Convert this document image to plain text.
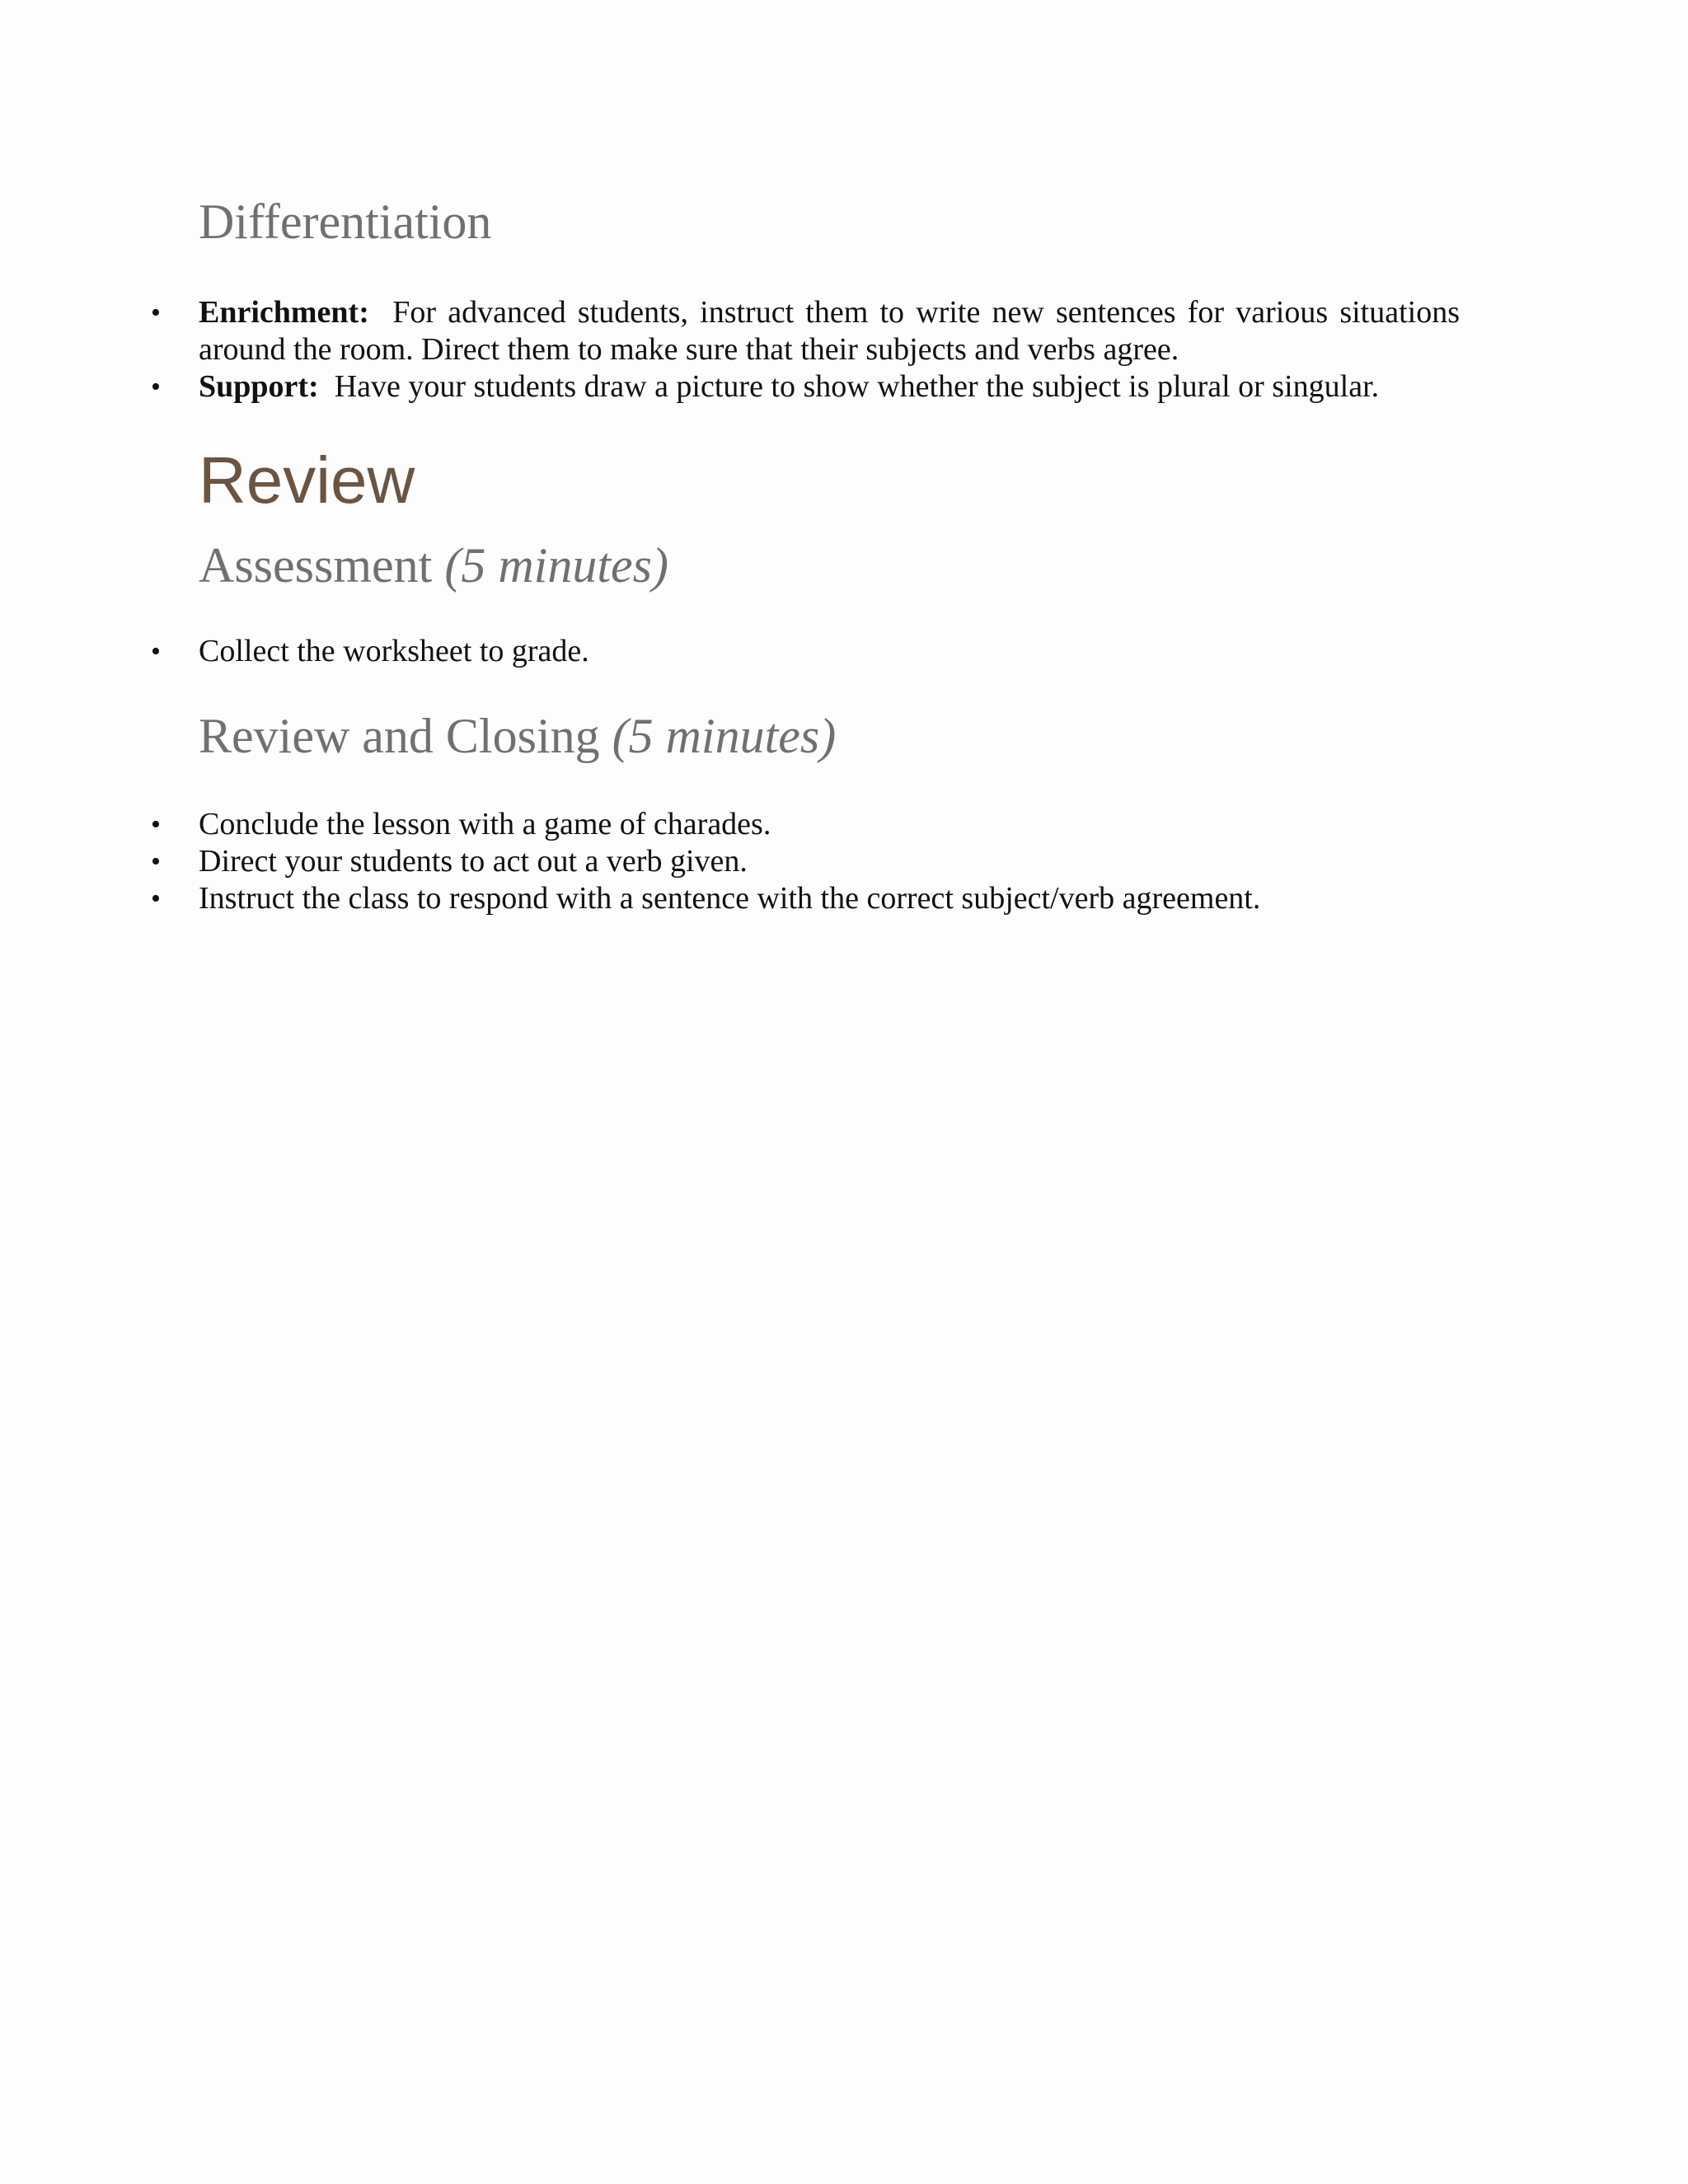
Differentiation
• Enrichment: For advanced students, instruct them to write new sentences for various situations around the room. Direct them to make sure that their subjects and verbs agree.
• Support: Have your students draw a picture to show whether the subject is plural or singular.
Review
Assessment (5 minutes)
• Collect the worksheet to grade.
Review and Closing (5 minutes)
• Conclude the lesson with a game of charades.
• Direct your students to act out a verb given.
• Instruct the class to respond with a sentence with the correct subject/verb agreement.
